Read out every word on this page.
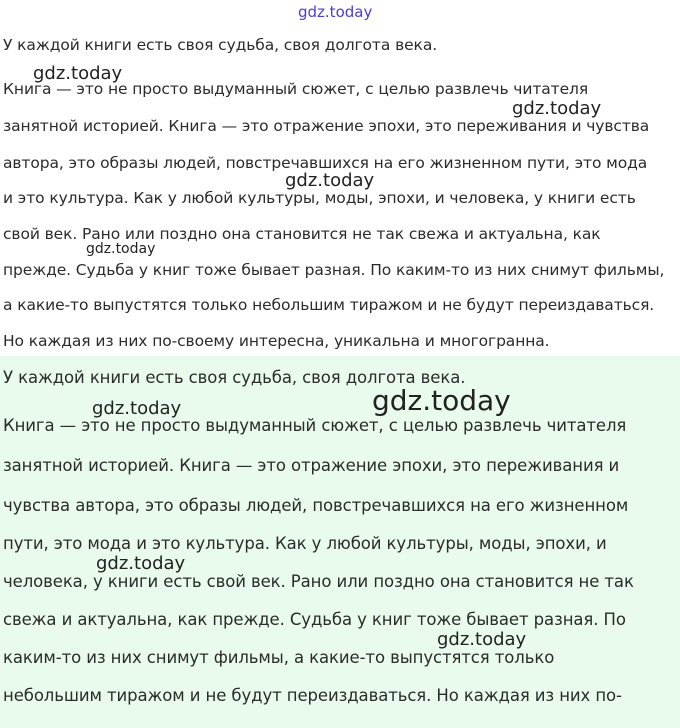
У каждой книги есть своя судьба, своя долгота века.
Книга — это не просто выдуманный сюжет, с целью развлечь читателя
занятной историей. Книга — это отражение эпохи, это переживания и чувства
автора, это образы людей, повстречавшихся на его жизненном пути, это мода
и это культура. Как у любой культуры, моды, эпохи, и человека, у книги есть
свой век. Рано или поздно она становится не так свежа и актуальна, как
прежде. Судьба у книг тоже бывает разная. По каким-то из них снимут фильмы,
а какие-то выпустятся только небольшим тиражом и не будут переиздаваться.
Но каждая из них по-своему интересна, уникальна и многогранна.
У каждой книги есть своя судьба, своя долгота века.
Книга — это не просто выдуманный сюжет, с целью развлечь читателя
занятной историей. Книга — это отражение эпохи, это переживания и
чувства автора, это образы людей, повстречавшихся на его жизненном
пути, это мода и это культура. Как у любой культуры, моды, эпохи, и
человека, у книги есть свой век. Рано или поздно она становится не так
свежа и актуальна, как прежде. Судьба у книг тоже бывает разная. По
каким-то из них снимут фильмы, а какие-то выпустятся только
небольшим тиражом и не будут переиздаваться. Но каждая из них по-
gdz.today
gdz.today
gdz.today
gdz.today
gdz.today
gdz.today	gdz.today
gdz.today
gdz.today
